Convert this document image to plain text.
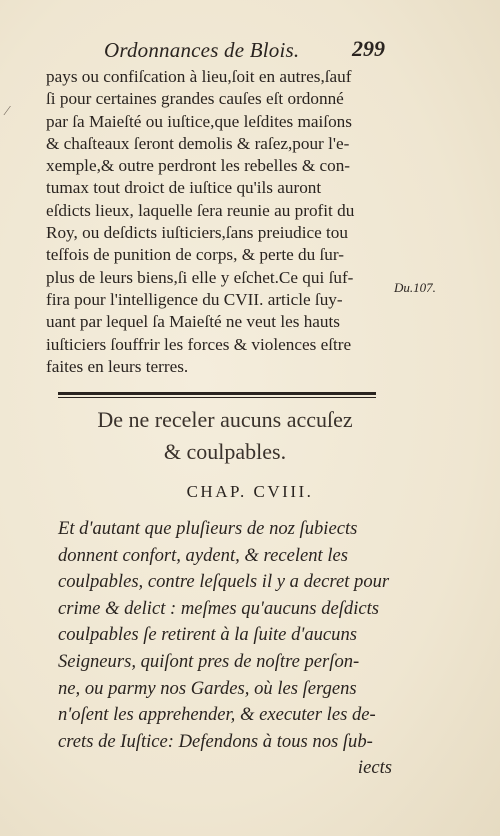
Ordonnances de Blois. 299
⁄
pays ou confiſcation à lieu,ſoit en autres,ſauf
ſi pour certaines grandes cauſes eſt ordonné
par ſa Maieſté ou iuſtice,que leſdites maiſons
& chaſteaux ſeront demolis & raſez,pour l'e-
xemple,& outre perdront les rebelles & con-
tumax tout droict de iuſtice qu'ils auront
eſdicts lieux, laquelle ſera reunie au profit du
Roy, ou deſdicts iuſticiers,ſans preiudice tou
teſfois de punition de corps, & perte du ſur-
plus de leurs biens,ſi elle y eſchet.Ce qui ſuf-
fira pour l'intelligence du CVII. article ſuy-
uant par lequel ſa Maieſté ne veut les hauts
iuſticiers ſouffrir les forces & violences eſtre
faites en leurs terres.
Du.107.
De ne receler aucuns accuſez
& coulpables.
CHAP. CVIII.
Et d'autant que pluſieurs de noz ſubiects
donnent confort, aydent, & recelent les
coulpables, contre leſquels il y a decret pour
crime & delict : meſmes qu'aucuns deſdicts
coulpables ſe retirent à la ſuite d'aucuns
Seigneurs, quiſont pres de noſtre perſon-
ne, ou parmy nos Gardes, où les ſergens
n'oſent les apprehender, & executer les de-
crets de Iuſtice: Defendons à tous nos ſub-
iects
